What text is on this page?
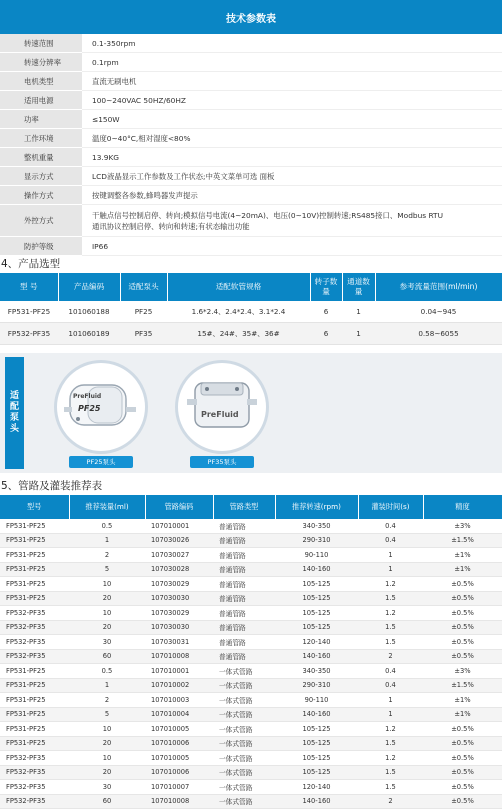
技术参数表
转速范围	0.1-350rpm

转速分辨率	0.1rpm

电机类型	直流无刷电机

适用电源	100~240VAC 50HZ/60HZ

功率	≤150W

工作环境	温度0~40°C,相对湿度<80%

整机重量	13.9KG

显示方式	LCD液晶显示工作参数及工作状态;中英文菜单可选 面板

操作方式	按键调整各参数,蜂鸣器发声提示

外控方式	干触点信号控制启停、转向;模拟信号电流(4~20mA)、电压(0~10V)控制转速;RS485接口、Modbus RTU
通讯协议控制启停、转向和转速;有状态输出功能

防护等级	IP66
4、产品选型
型 号	产品编码	适配泵头	适配软管规格	转子数量	通道数量	参考流量范围(ml/min)
FP531-PF25	101060188	PF25	1.6*2.4、2.4*2.4、3.1*2.4	6	1	0.04~945
FP532-PF35	101060189	PF35	15#、24#、35#、36#	6	1	0.58~6055
适
配
泵
头
PreFluid
PF25
PF25泵头
PreFluid
PF35泵头
5、管路及灌装推荐表
型号	推荐装量(ml)	管路编码	管路类型	推荐转速(rpm)	灌装时间(s)	精度
FP531-PF25	0.5	107010001	普通管路	340-350	0.4	±3%
FP531-PF25	1	107030026	普通管路	290-310	0.4	±1.5%
FP531-PF25	2	107030027	普通管路	90-110	1	±1%
FP531-PF25	5	107030028	普通管路	140-160	1	±1%
FP531-PF25	10	107030029	普通管路	105-125	1.2	±0.5%
FP531-PF25	20	107030030	普通管路	105-125	1.5	±0.5%
FP532-PF35	10	107030029	普通管路	105-125	1.2	±0.5%
FP532-PF35	20	107030030	普通管路	105-125	1.5	±0.5%
FP532-PF35	30	107030031	普通管路	120-140	1.5	±0.5%
FP532-PF35	60	107010008	普通管路	140-160	2	±0.5%
FP531-PF25	0.5	107010001	一体式管路	340-350	0.4	±3%
FP531-PF25	1	107010002	一体式管路	290-310	0.4	±1.5%
FP531-PF25	2	107010003	一体式管路	90-110	1	±1%
FP531-PF25	5	107010004	一体式管路	140-160	1	±1%
FP531-PF25	10	107010005	一体式管路	105-125	1.2	±0.5%
FP531-PF25	20	107010006	一体式管路	105-125	1.5	±0.5%
FP532-PF35	10	107010005	一体式管路	105-125	1.2	±0.5%
FP532-PF35	20	107010006	一体式管路	105-125	1.5	±0.5%
FP532-PF35	30	107010007	一体式管路	120-140	1.5	±0.5%
FP532-PF35	60	107010008	一体式管路	140-160	2	±0.5%
